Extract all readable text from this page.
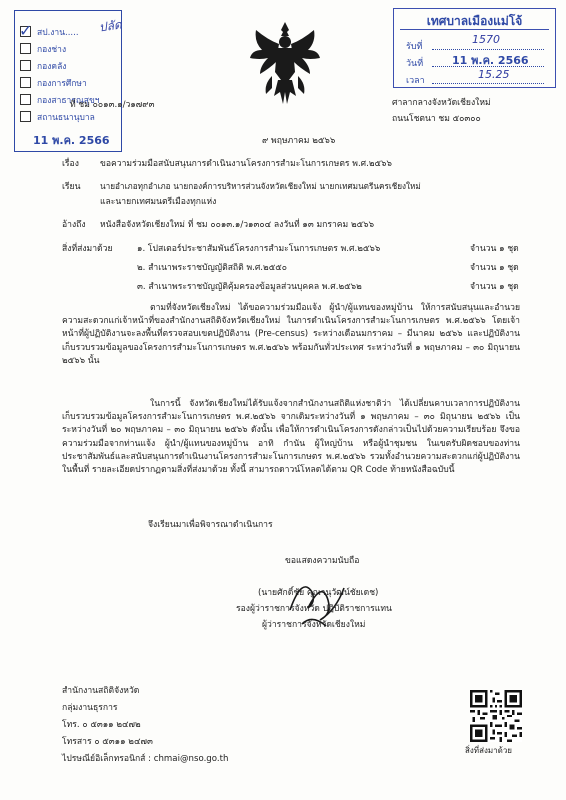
ปลัด
✓ สป.งาน.....
กองช่าง
กองคลัง
กองการศึกษา
กองสาธารณสุขฯ
สถานธนานุบาล
11 พ.ค. 2566
เทศบาลเมืองแม่โจ้
รับที่
1570
วันที่	11 พ.ค. 2566
เวลา	15.25
ที่ ชม ๐๐๑๓.๑/ว๑๗๙๓	ศาลากลางจังหวัดเชียงใหม่
ถนนโชตนา ชม ๕๐๓๐๐
๙ พฤษภาคม ๒๕๖๖
เรื่อง ขอความร่วมมือสนับสนุนการดำเนินงานโครงการสำมะโนการเกษตร พ.ศ.๒๕๖๖
เรียน นายอำเภอทุกอำเภอ นายกองค์การบริหารส่วนจังหวัดเชียงใหม่ นายกเทศมนตรีนครเชียงใหม่
และนายกเทศมนตรีเมืองทุกแห่ง
อ้างถึง หนังสือจังหวัดเชียงใหม่ ที่ ชม ๐๐๑๓.๑/ว๑๓๐๔ ลงวันที่ ๑๓ มกราคม ๒๕๖๖
สิ่งที่ส่งมาด้วย	๑. โปสเตอร์ประชาสัมพันธ์โครงการสำมะโนการเกษตร พ.ศ.๒๕๖๖	จำนวน ๑ ชุด
๒. สำเนาพระราชบัญญัติสถิติ พ.ศ.๒๕๕๐	จำนวน ๑ ชุด
๓. สำเนาพระราชบัญญัติคุ้มครองข้อมูลส่วนบุคคล พ.ศ.๒๕๖๒	จำนวน ๑ ชุด
ตามที่จังหวัดเชียงใหม่ ได้ขอความร่วมมือแจ้ง ผู้นำ/ผู้แทนของหมู่บ้าน ให้การสนับสนุนและอำนวยความสะดวกแก่เจ้าหน้าที่ของสำนักงานสถิติจังหวัดเชียงใหม่ ในการดำเนินโครงการสำมะโนการเกษตร พ.ศ.๒๕๖๖ โดยเจ้าหน้าที่ผู้ปฏิบัติงานจะลงพื้นที่ตรวจสอบเขตปฏิบัติงาน (Pre-census) ระหว่างเดือนมกราคม – มีนาคม ๒๕๖๖ และปฏิบัติงานเก็บรวบรวมข้อมูลของโครงการสำมะโนการเกษตร พ.ศ.๒๕๖๖ พร้อมกันทั่วประเทศ ระหว่างวันที่ ๑ พฤษภาคม – ๓๐ มิถุนายน ๒๕๖๖ นั้น
ในการนี้ จังหวัดเชียงใหม่ได้รับแจ้งจากสำนักงานสถิติแห่งชาติว่า ได้เปลี่ยนคาบเวลาการปฏิบัติงานเก็บรวบรวมข้อมูลโครงการสำมะโนการเกษตร พ.ศ.๒๕๖๖ จากเดิมระหว่างวันที่ ๑ พฤษภาคม – ๓๐ มิถุนายน ๒๕๖๖ เป็นระหว่างวันที่ ๒๐ พฤษภาคม – ๓๐ มิถุนายน ๒๕๖๖ ดังนั้น เพื่อให้การดำเนินโครงการดังกล่าวเป็นไปด้วยความเรียบร้อย จึงขอความร่วมมือจากท่านแจ้ง ผู้นำ/ผู้แทนของหมู่บ้าน อาทิ กำนัน ผู้ใหญ่บ้าน หรือผู้นำชุมชน ในเขตรับผิดชอบของท่าน ประชาสัมพันธ์และสนับสนุนการดำเนินงานโครงการสำมะโนการเกษตร พ.ศ.๒๕๖๖ รวมทั้งอำนวยความสะดวกแก่ผู้ปฏิบัติงานในพื้นที่ รายละเอียดปรากฏตามสิ่งที่ส่งมาด้วย ทั้งนี้ สามารถดาวน์โหลดได้ตาม QR Code ท้ายหนังสือฉบับนี้
จึงเรียนมาเพื่อพิจารณาดำเนินการ
ขอแสดงความนับถือ
(นายศักดิ์ชัย คุณานุวัฒน์ชัยเดช)
รองผู้ว่าราชการจังหวัด ปฏิบัติราชการแทน
ผู้ว่าราชการจังหวัดเชียงใหม่
สำนักงานสถิติจังหวัด
กลุ่มงานธุรการ
โทร. ๐ ๕๓๑๑ ๒๔๗๒
โทรสาร ๐ ๕๓๑๑ ๒๔๗๓
ไปรษณีย์อิเล็กทรอนิกส์ : chmai@nso.go.th
สิ่งที่ส่งมาด้วย
